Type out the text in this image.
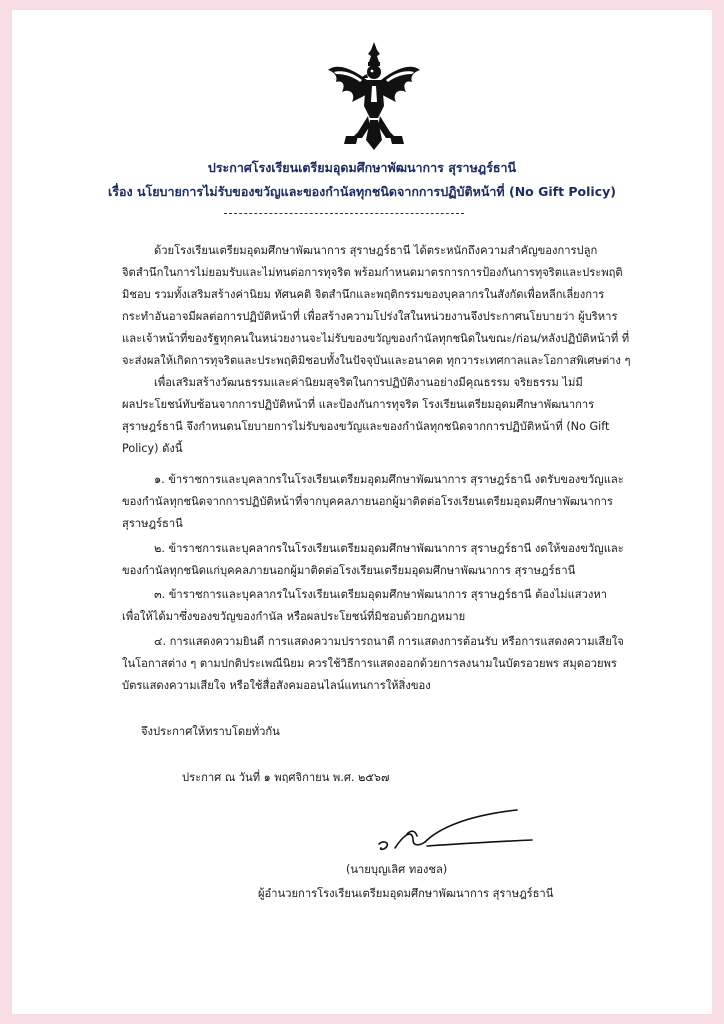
ประกาศโรงเรียนเตรียมอุดมศึกษาพัฒนาการ สุราษฎร์ธานี
เรื่อง นโยบายการไม่รับของขวัญและของกำนัลทุกชนิดจากการปฏิบัติหน้าที่ (No Gift Policy)
ด้วยโรงเรียนเตรียมอุดมศึกษาพัฒนาการ สุราษฎร์ธานี ได้ตระหนักถึงความสำคัญของการปลูก
จิตสำนึกในการไม่ยอมรับและไม่ทนต่อการทุจริต พร้อมกำหนดมาตรการการป้องกันการทุจริตและประพฤติ
มิชอบ รวมทั้งเสริมสร้างค่านิยม ทัศนคติ จิตสำนึกและพฤติกรรมของบุคลากรในสังกัดเพื่อหลีกเลี่ยงการ
กระทำอันอาจมีผลต่อการปฏิบัติหน้าที่ เพื่อสร้างความโปร่งใสในหน่วยงานจึงประกาศนโยบายว่า ผู้บริหาร
และเจ้าหน้าที่ของรัฐทุกคนในหน่วยงานจะไม่รับของขวัญของกำนัลทุกชนิดในขณะ/ก่อน/หลังปฏิบัติหน้าที่ ที่
จะส่งผลให้เกิดการทุจริตและประพฤติมิชอบทั้งในปัจจุบันและอนาคต ทุกวาระเทศกาลและโอกาสพิเศษต่าง ๆ
เพื่อเสริมสร้างวัฒนธรรมและค่านิยมสุจริตในการปฏิบัติงานอย่างมีคุณธรรม จริยธรรม ไม่มี
ผลประโยชน์ทับซ้อนจากการปฏิบัติหน้าที่ และป้องกันการทุจริต โรงเรียนเตรียมอุดมศึกษาพัฒนาการ
สุราษฎร์ธานี จึงกำหนดนโยบายการไม่รับของขวัญและของกำนัลทุกชนิดจากการปฏิบัติหน้าที่ (No Gift
Policy) ดังนี้
๑. ข้าราชการและบุคลากรในโรงเรียนเตรียมอุดมศึกษาพัฒนาการ สุราษฎร์ธานี งดรับของขวัญและ
ของกำนัลทุกชนิดจากการปฏิบัติหน้าที่จากบุคคลภายนอกผู้มาติดต่อโรงเรียนเตรียมอุดมศึกษาพัฒนาการ
สุราษฎร์ธานี
๒. ข้าราชการและบุคลากรในโรงเรียนเตรียมอุดมศึกษาพัฒนาการ สุราษฎร์ธานี งดให้ของขวัญและ
ของกำนัลทุกชนิดแก่บุคคลภายนอกผู้มาติดต่อโรงเรียนเตรียมอุดมศึกษาพัฒนาการ สุราษฎร์ธานี
๓. ข้าราชการและบุคลากรในโรงเรียนเตรียมอุดมศึกษาพัฒนาการ สุราษฎร์ธานี ต้องไม่แสวงหา
เพื่อให้ได้มาซึ่งของขวัญของกำนัล หรือผลประโยชน์ที่มิชอบด้วยกฎหมาย
๔. การแสดงความยินดี การแสดงความปรารถนาดี การแสดงการต้อนรับ หรือการแสดงความเสียใจ
ในโอกาสต่าง ๆ ตามปกติประเพณีนิยม ควรใช้วิธีการแสดงออกด้วยการลงนามในบัตรอวยพร สมุดอวยพร
บัตรแสดงความเสียใจ หรือใช้สื่อสังคมออนไลน์แทนการให้สิ่งของ
จึงประกาศให้ทราบโดยทั่วกัน
ประกาศ ณ วันที่ ๑ พฤศจิกายน พ.ศ. ๒๕๖๗
(นายบุญเลิศ ทองชล)
ผู้อำนวยการโรงเรียนเตรียมอุดมศึกษาพัฒนาการ สุราษฎร์ธานี
